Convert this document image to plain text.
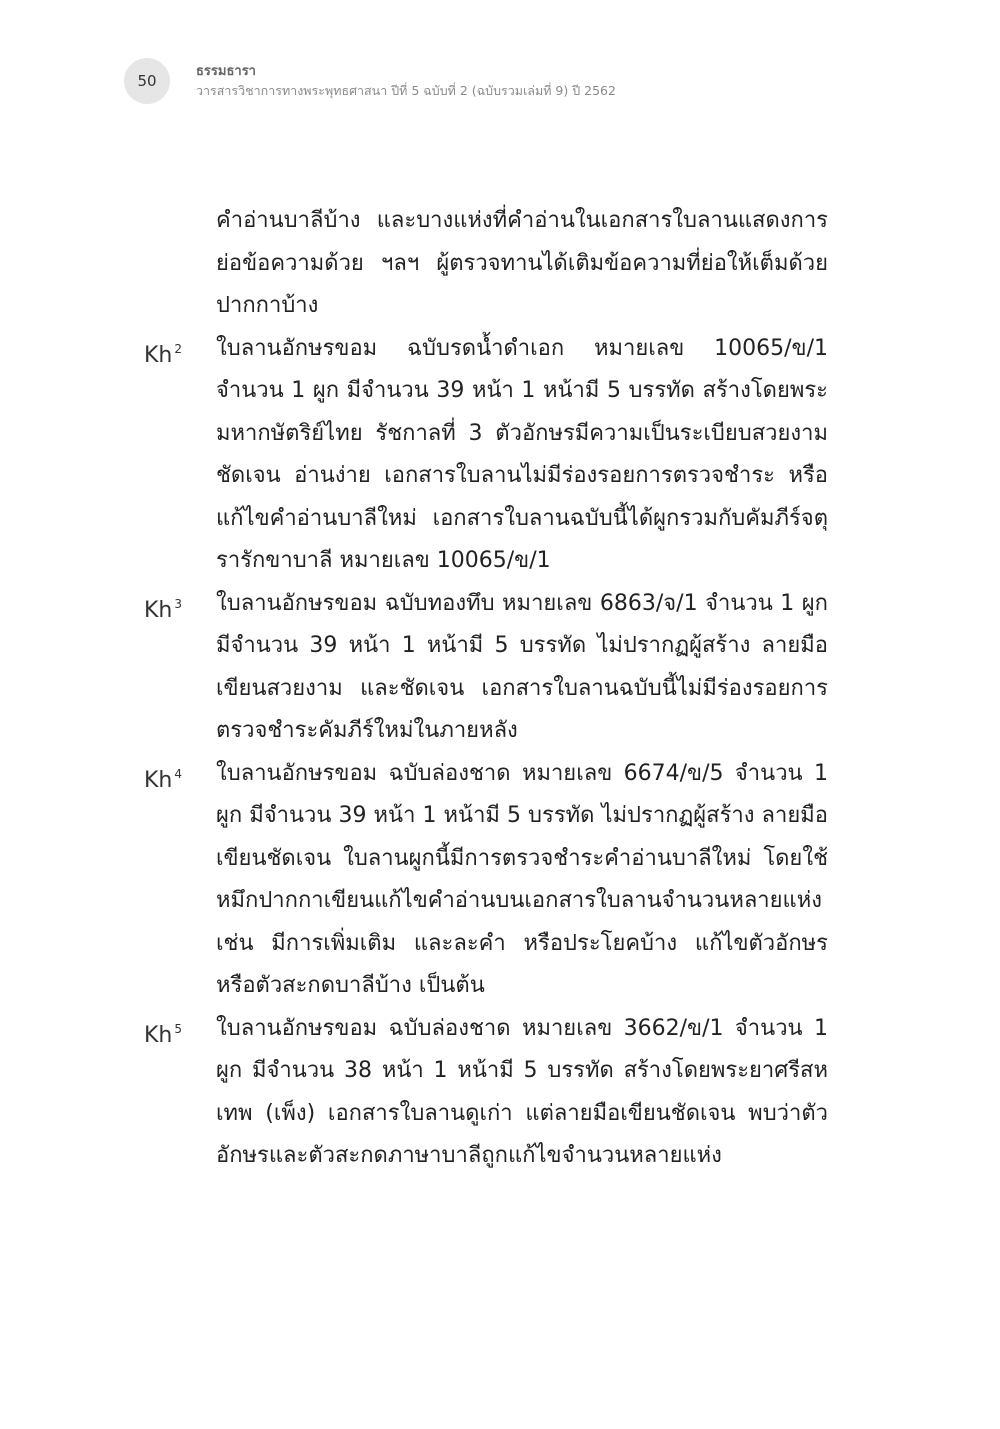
50
ธรรมธารา
วารสารวิชาการทางพระพุทธศาสนา ปีที่ 5 ฉบับที่ 2 (ฉบับรวมเล่มที่ 9) ปี 2562
คำอ่านบาลีบ้าง และบางแห่งที่คำอ่านในเอกสารใบลานแสดงการย่อข้อความด้วย ฯลฯ ผู้ตรวจทานได้เติมข้อความที่ย่อให้เต็มด้วยปากกาบ้าง
Kh $^2$	ใบลานอักษรขอม ฉบับรดน้ำดำเอก หมายเลข 10065/ข/1 จำนวน 1 ผูก มีจำนวน 39 หน้า 1 หน้ามี 5 บรรทัด สร้างโดยพระมหากษัตริย์ไทย รัชกาลที่ 3 ตัวอักษรมีความเป็นระเบียบสวยงาม ชัดเจน อ่านง่าย เอกสารใบลานไม่มีร่องรอยการตรวจชำระ หรือแก้ไขคำอ่านบาลีใหม่ เอกสารใบลานฉบับนี้ได้ผูกรวมกับคัมภีร์จตุรารักขาบาลี หมายเลข 10065/ข/1
Kh $^3$	ใบลานอักษรขอม ฉบับทองทึบ หมายเลข 6863/จ/1 จำนวน 1 ผูก มีจำนวน 39 หน้า 1 หน้ามี 5 บรรทัด ไม่ปรากฏผู้สร้าง ลายมือเขียนสวยงาม และชัดเจน เอกสารใบลานฉบับนี้ไม่มีร่องรอยการตรวจชำระคัมภีร์ใหม่ในภายหลัง
Kh $^4$	ใบลานอักษรขอม ฉบับล่องชาด หมายเลข 6674/ข/5 จำนวน 1 ผูก มีจำนวน 39 หน้า 1 หน้ามี 5 บรรทัด ไม่ปรากฏผู้สร้าง ลายมือเขียนชัดเจน ใบลานผูกนี้มีการตรวจชำระคำอ่านบาลีใหม่ โดยใช้หมึกปากกาเขียนแก้ไขคำอ่านบนเอกสารใบลานจำนวนหลายแห่ง เช่น มีการเพิ่มเติม และละคำ หรือประโยคบ้าง แก้ไขตัวอักษร หรือตัวสะกดบาลีบ้าง เป็นต้น
Kh $^5$	ใบลานอักษรขอม ฉบับล่องชาด หมายเลข 3662/ข/1 จำนวน 1 ผูก มีจำนวน 38 หน้า 1 หน้ามี 5 บรรทัด สร้างโดยพระยาศรีสหเทพ (เพ็ง) เอกสารใบลานดูเก่า แต่ลายมือเขียนชัดเจน พบว่าตัวอักษรและตัวสะกดภาษาบาลีถูกแก้ไขจำนวนหลายแห่ง
